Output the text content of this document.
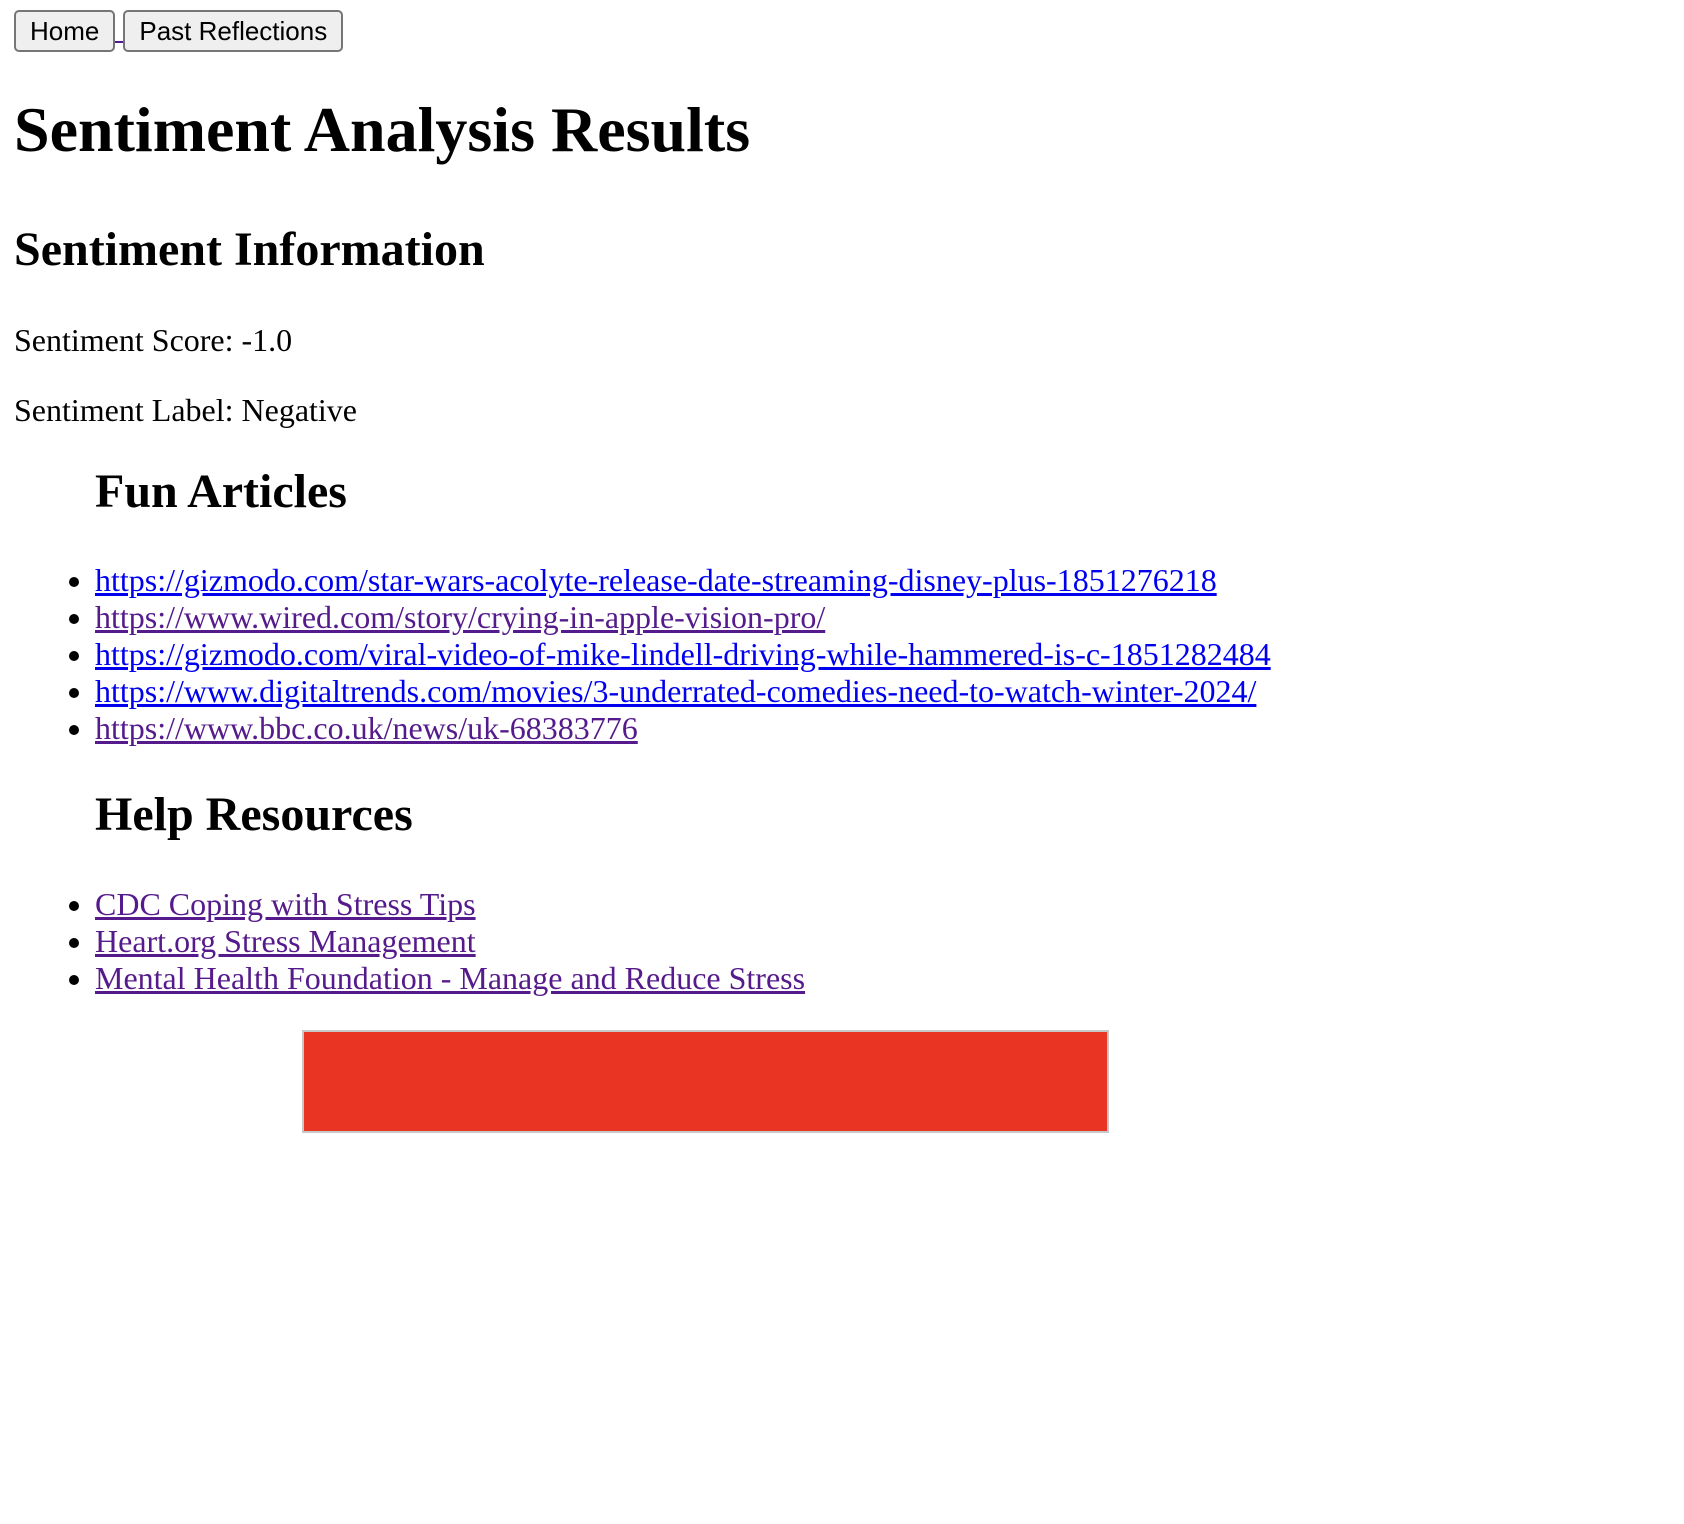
Home	Past Reflections
Sentiment Analysis Results
Sentiment Information

Sentiment Score: -1.0

Sentiment Label: Negative

Fun Articles
• https://gizmodo.com/star-wars-acolyte-release-date-streaming-disney-plus-1851276218
• https://www.wired.com/story/crying-in-apple-vision-pro/
• https://gizmodo.com/viral-video-of-mike-lindell-driving-while-hammered-is-c-1851282484
• https://www.digitaltrends.com/movies/3-underrated-comedies-need-to-watch-winter-2024/
• https://www.bbc.co.uk/news/uk-68383776
Help Resources
• CDC Coping with Stress Tips
• Heart.org Stress Management
• Mental Health Foundation - Manage and Reduce Stress
